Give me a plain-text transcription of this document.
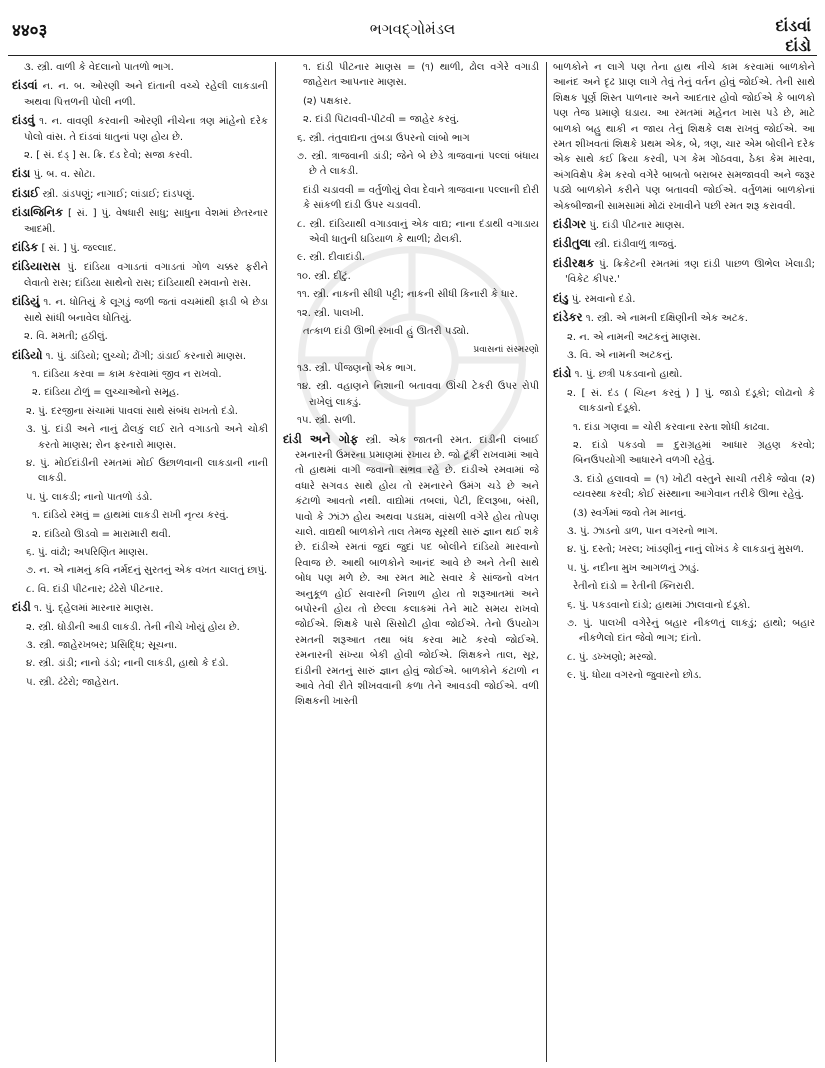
४४०३	ભગવદ્ગોમંડલ	દાંડવાં
દાંડો

૩. સ્ત્રી. વાળી કે વેદલાનો પાતળો ભાગ.

દાંડવાં ન. ન. બ. ઓરણી અને દાંતાની વચ્ચે રહેલી લાકડાની અથવા પિત્તળની પોલી નળી.

દાંડવું ૧. ન. વાવણી કરવાની ઓરણી નીચેના ત્રણ માંહેનો દરેક પોલો વાંસ. તે દાંડવાં ધાતુનાં પણ હોય છે.

૨. [ સં. દંડ્ ] સ. ક્રિ. દંડ દેવો; સજા કરવી.

દાંડા પું. બ. વ. સોટા.

દાંડાઈ સ્ત્રી. ડાંડપણું; નાગાઈ; લાંડાઈ; દાંડપણું.

દાંડાજિનિક [ સં. ] પું. વેષધારી સાધુ; સાધુના વેશમાં છેતરનાર આદમી.

દાંડિક [ સં. ] પું. જલ્લાદ.

દાંડિયારાસ પું. દાંડિયા વગાડતાં વગાડતાં ગોળ ચક્કર ફરીને લેવાતો રાસ; દાંડિયા સાથેનો રાસ; દાંડિયાથી રમવાનો રાસ.

દાંડિયું ૧. ન. ધોતિયું કે લૂગડું જળી જતાં વચમાંથી ફાડી બે છેડા સાથે સાંધી બનાવેલ ધોતિયું.

૨. વિ. મમતી; હઠીલું.

દાંડિયો ૧. પું. ડાંડિયો; લુચ્ચો; ઢોંગી; ડાંડાઈ કરનારો માણસ.

૧. દાંડિયા કરવા = કામ કરવામાં જીવ ન રાખવો.

૨. દાંડિયા ટોળું = લુચ્ચાઓનો સમૂહ.

૨. પું. દરજીના સંચામાં પાવલાં સાથે સંબંધ રાખતો દંડો.

૩. પું. દાંડી અને નાનું ઢોલકું લઈ રાતે વગાડતો અને ચોકી કરતો માણસ; રોન ફરનારો માણસ.

૪. પું. મોઈદાંડીની રમતમાં મોઈ ઉછાળવાની લાકડાની નાની લાકડી.

૫. પું. લાકડી; નાનો પાતળો ડંડો.

૧. દાંડિયે રમવું = હાથમાં લાકડી રાખી નૃત્ય કરવું.

૨. દાંડિયો ઊડવો = મારામારી થવી.

૬. પું. વાંઢો; અપરિણિત માણસ.

૭. ન. એ નામનું કવિ નર્મદનું સુરતનું એક વખત ચાલતું છાપું.

૮. વિ. દાંડી પીટનાર; ઢંઢેરો પીટનાર.

દાંડી ૧. પું. દ્હેલમાં મારનાર માણસ.

૨. સ્ત્રી. ઘોડીની આડી લાકડી. તેની નીચે ખોયું હોય છે.

૩. સ્ત્રી. જાહેરખબર; પ્રસિદ્ધિ; સૂચના.

૪. સ્ત્રી. ડાંડી; નાનો ડંડો; નાની લાકડી, હાથો કે દંડો.

૫. સ્ત્રી. ઢંઢેરો; જાહેરાત.

૧. દાંડી પીટનાર માણસ = (૧) થાળી, ઢોલ વગેરે વગાડી જાહેરાત આપનાર માણસ.

(૨) પક્ષકાર.

૨. દાંડી પિટાવવી-પીટવી = જાહેર કરવું.

૬. સ્ત્રી. તંતુવાદ્યના તુંબડા ઉપરનો લાંબો ભાગ

૭. સ્ત્રી. ત્રાજવાની ડાંડી; જેને બે છેડે ત્રાજવાનાં પલ્લાં બંધાય છે તે લાકડી.

દાંડી ચડાવવી = વર્તુળોયું લેવા દેવાને ત્રાજવાના પલ્લાની દોરી કે સાંકળી દાંડી ઉપર ચડાવવી.

૮. સ્ત્રી. દાંડિયાથી વગાડવાનું એક વાદ્ય; નાના દંડાથી વગાડાય એવી ધાતુની ઘડિયાળ કે થાળી; ઢોલકી.

૯. સ્ત્રી. દીવાદાંડી.

૧૦. સ્ત્રી. દીંટું.

૧૧. સ્ત્રી. નાકની સીધી પટ્ટી; નાકની સીધી કિનારી કે ધાર.

૧૨. સ્ત્રી. પાલખી.

તત્કાળ દાંડી ઊભી રખાવી હું ઊતરી પડ્યો.

પ્રવાસનાં સંસ્મરણો

૧૩. સ્ત્રી. પીંજણનો એક ભાગ.

૧૪. સ્ત્રી. વહાણને નિશાની બતાવવા ઊંચી ટેકરી ઉપર રોપી રાખેલું લાકડું.

૧૫. સ્ત્રી. સળી.

દાંડી અને ગોફ સ્ત્રી. એક જાતની રમત. દાંડીની લંબાઈ રમનારની ઉમરના પ્રમાણમાં રખાય છે. જો ટૂંકી રાખવામાં આવે તો હાથમાં વાગી જવાનો સંભવ રહે છે. દાંડીએ રમવામાં જે વધારે સગવડ સાથે હોય તો રમનારને ઉમંગ ચડે છે અને કંટાળો આવતો નથી. વાદ્યોમાં તબલાં, પેટી, દિલરૂબા, બંસી, પાવો કે ઝાંઝ હોય અથવા પડઘમ, વાંસળી વગેરે હોય તોપણ ચાલે. વાદ્યથી બાળકોને તાલ તેમજ સૂરથી સારું જ્ઞાન થઈ શકે છે. દાંડીએ રમતાં જુદાં જુદાં પદ બોલીને દાંડિયો મારવાનો રિવાજ છે. આથી બાળકોને આનંદ આવે છે અને તેની સાથે બોધ પણ મળે છે. આ રમત માટે સવાર કે સાંજનો વખત અનુકૂળ હોઈ સવારની નિશાળ હોય તો શરૂઆતમાં અને બપોરની હોય તો છેલ્લા કલાકમાં તેને માટે સમય રાખવો જોઈએ. શિક્ષકે પાસે સિસોટી હોવા જોઈએ. તેનો ઉપયોગ રમતની શરૂઆત તથા બંધ કરવા માટે કરવો જોઈએ. રમનારની સંખ્યા બેકી હોવી જોઈએ. શિક્ષકને તાલ, સૂર, દાંડીની રમતનું સારું જ્ઞાન હોવું જોઈએ. બાળકોને કંટાળો ન આવે તેવી રીતે શીખવવાની કળા તેને આવડવી જોઈએ. વળી શિક્ષકની ખાસ્તી

બાળકોને ન લાગે પણ તેના હાથ નીચે કામ કરવામાં બાળકોને આનંદ અને દૃઢ પ્રાણ લાગે તેવું તેનું વર્તન હોવું જોઈએ. તેની સાથે શિક્ષક પૂર્ણ શિસ્ત પાળનાર અને આદતાર હોવો જોઈએ કે બાળકો પણ તેજ પ્રમાણે ઘડાય. આ રમતમાં મહેનત ખાસ પડે છે, માટે બાળકો બહુ થાકી ન જાય તેનું શિક્ષકે લક્ષ રાખવું જોઈએ. આ રમત શીખવતાં શિક્ષકે પ્રથમ એક, બે, ત્રણ, ચાર એમ બોલીને દરેક એક સાથે કઈ ક્રિયા કરવી, પગ કેમ ગોઠવવા, ઠેકા કેમ મારવા, અંગવિક્ષેપ કેમ કરવો વગેરે બાબતો બરાબર સમજાવવી અને જરૂર પડ્યે બાળકોને કરીને પણ બતાવવી જોઈએ. વર્તુળમાં બાળકોનાં એકબીજાની સામસામાં મોઢાં રખાવીને પછી રમત શરૂ કરાવવી.

દાંડીગર પું. દાંડી પીટનાર માણસ.

દાંડીતુલા સ્ત્રી. દાંડીવાળું ત્રાજવું.

દાંડીરક્ષક પું. ક્રિકેટની રમતમાં ત્રણ દાંડી પાછળ ઊભેલ ખેલાડી; 'વિકેટ કીપર.'

દાંડુ પું. રમવાનો દંડો.

દાંડેકર ૧. સ્ત્રી. એ નામની દક્ષિણીની એક અટક.

૨. ન. એ નામની અટકનું માણસ.

૩. વિ. એ નામની અટકનું.

દાંડો ૧. પું. છત્રી પકડવાનો હાથો.

૨. [ સં. દંડ ( ચિહ્ન કરવું ) ] પું. જાડો દંડૂકો; લોઢાનો કે લાકડાનો દંડૂકો.

૧. દાંડા ગણવા = ચોરી કરવાના રસ્તા શોધી કાઢવા.

૨. દાંડો પકડવો = દુરાગ્રહમાં આધાર ગ્રહણ કરવો; બિનઉપયોગી આધારને વળગી રહેવું.

૩. દાંડો હલાવવો = (૧) ખોટી વસ્તુને સાચી તરીકે જોવા (૨) વ્યવસ્થા કરવી; કોઈ સંસ્થાના આગેવાન તરીકે ઊભા રહેવું.

(૩) સ્વર્ગમાં જવો તેમ માનવું.

૩. પું. ઝાડનો ડાળ, પાન વગરનો ભાગ.

૪. પું. દસ્તો; ખરલ; ખાંડણીનું નાનું લોખંડ કે લાકડાનું મુસળ.

૫. પું. નદીના મુખ આગળનું ઝાડું.

રેતીનો દાંડો = રેતીની ક્નિરારી.

૬. પું. પકડવાનો દાંડો; હાથમાં ઝાલવાનો દંડૂકો.

૭. પું. પાલખી વગેરેનું બહાર નીકળતું લાકડું; હાથો; બહાર નીકળેલો દાંત જેવો ભાગ; દાંતો.

૮. પું. ડખ્ખણો; મરજો.

૯. પું. ધોયા વગરનો જુવારનો છોડ.
